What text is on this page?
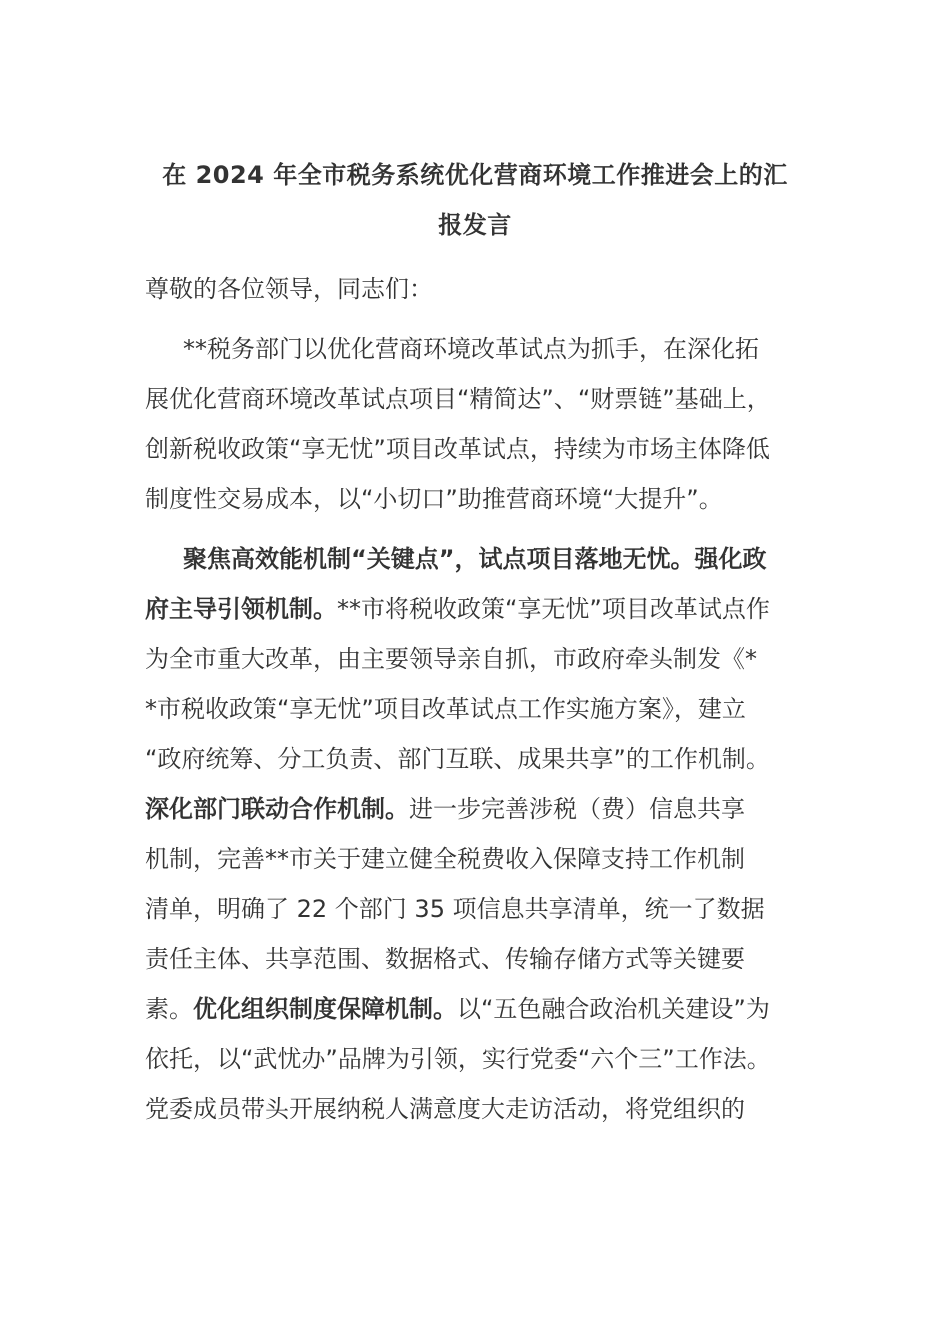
在 2024 年全市税务系统优化营商环境工作推进会上的汇
报发言
尊敬的各位领导，同志们：
**税务部门以优化营商环境改革试点为抓手，在深化拓
展优化营商环境改革试点项目“精简达”、“财票链”基础上，
创新税收政策“享无忧”项目改革试点，持续为市场主体降低
制度性交易成本，以“小切口”助推营商环境“大提升”。
聚焦高效能机制“关键点”，试点项目落地无忧。强化政
府主导引领机制。**市将税收政策“享无忧”项目改革试点作
为全市重大改革，由主要领导亲自抓，市政府牵头制发《*
*市税收政策“享无忧”项目改革试点工作实施方案》，建立
“政府统筹、分工负责、部门互联、成果共享”的工作机制。
深化部门联动合作机制。进一步完善涉税（费）信息共享
机制，完善**市关于建立健全税费收入保障支持工作机制
清单，明确了 22 个部门 35 项信息共享清单，统一了数据
责任主体、共享范围、数据格式、传输存储方式等关键要
素。优化组织制度保障机制。以“五色融合政治机关建设”为
依托，以“武忧办”品牌为引领，实行党委“六个三”工作法。
党委成员带头开展纳税人满意度大走访活动，将党组织的
